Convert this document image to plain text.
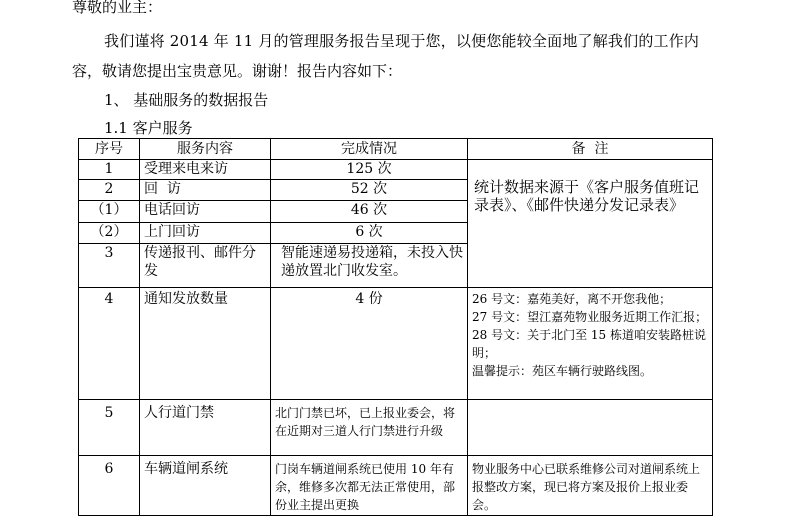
尊敬的业主：
我们谨将 2014 年 11 月的管理服务报告呈现于您，以便您能较全面地了解我们的工作内
容，敬请您提出宝贵意见。谢谢！报告内容如下：
1、 基础服务的数据报告
1.1 客户服务
序号	服务内容	完成情况	备  注
1	受理来电来访	125 次	统计数据来源于《客户服务值班记录表》、《邮件快递分发记录表》
2	回  访	52 次	
（1）	电话回访	46 次	
（2）	上门回访	6 次	
3	传递报刊、邮件分发	智能速递易投递箱，未投入快递放置北门收发室。	
4	通知发放数量	4 份	26 号文：嘉苑美好，离不开您我他；

27 号文：望江嘉苑物业服务近期工作汇报；

28 号文：关于北门至 15 栋道咱安装路桩说明；

温馨提示：苑区车辆行驶路线图。

5	人行道门禁	北门门禁已坏，已上报业委会，将在近期对三道人行门禁进行升级	
6	车辆道闸系统	门岗车辆道闸系统已使用 10 年有余，维修多次都无法正常使用，部份业主提出更换	物业服务中心已联系维修公司对道闸系统上报整改方案，现已将方案及报价上报业委会。
